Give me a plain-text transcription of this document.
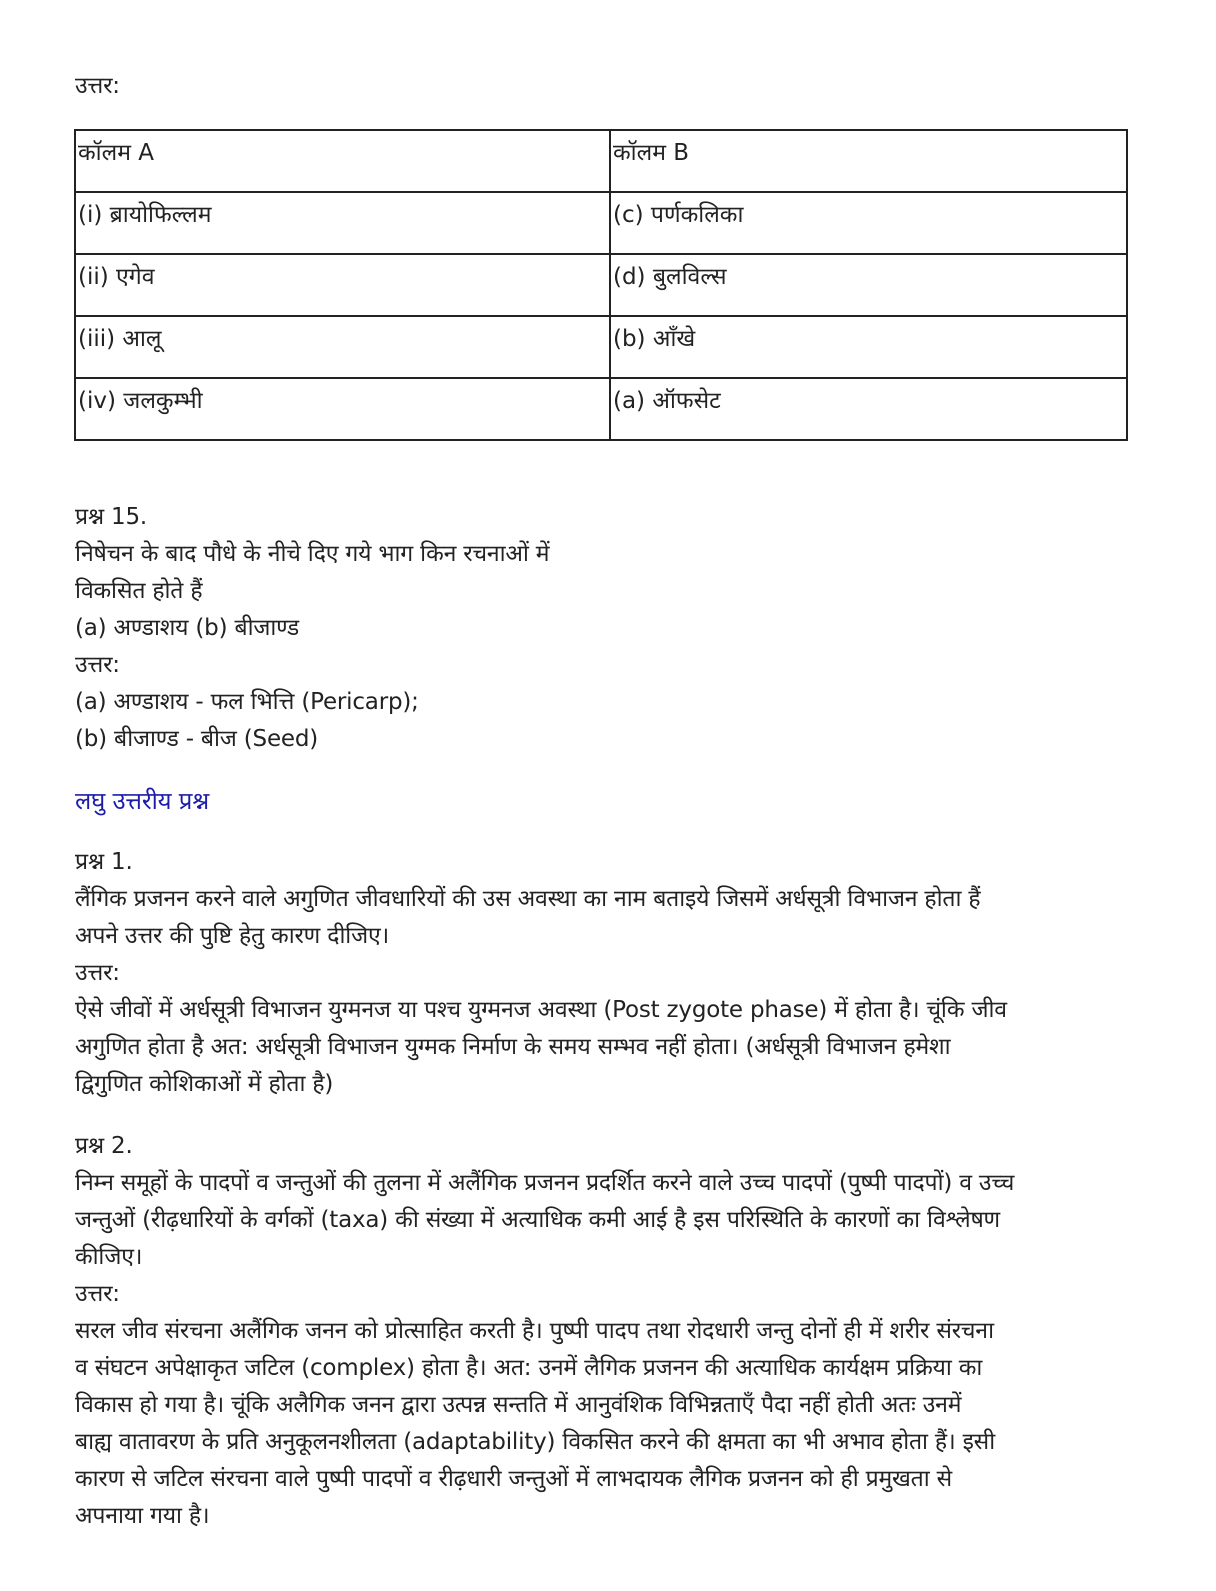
उत्तर:
कॉलम A	कॉलम B
(i) ब्रायोफिल्लम	(c) पर्णकलिका
(ii) एगेव	(d) बुलविल्स
(iii) आलू	(b) आँखे
(iv) जलकुम्भी	(a) ऑफसेट
प्रश्न 15.
निषेचन के बाद पौधे के नीचे दिए गये भाग किन रचनाओं में
विकसित होते हैं
(a) अण्डाशय (b) बीजाण्ड
उत्तर:
(a) अण्डाशय - फल भित्ति (Pericarp);
(b) बीजाण्ड - बीज (Seed)
लघु उत्तरीय प्रश्न
प्रश्न 1.
लैंगिक प्रजनन करने वाले अगुणित जीवधारियों की उस अवस्था का नाम बताइये जिसमें अर्धसूत्री विभाजन होता हैं
अपने उत्तर की पुष्टि हेतु कारण दीजिए।
उत्तर:
ऐसे जीवों में अर्धसूत्री विभाजन युग्मनज या पश्च युग्मनज अवस्था (Post zygote phase) में होता है। चूंकि जीव
अगुणित होता है अत: अर्धसूत्री विभाजन युग्मक निर्माण के समय सम्भव नहीं होता। (अर्धसूत्री विभाजन हमेशा
द्विगुणित कोशिकाओं में होता है)
प्रश्न 2.
निम्न समूहों के पादपों व जन्तुओं की तुलना में अलैंगिक प्रजनन प्रदर्शित करने वाले उच्च पादपों (पुष्पी पादपों) व उच्च
जन्तुओं (रीढ़धारियों के वर्गकों (taxa) की संख्या में अत्याधिक कमी आई है इस परिस्थिति के कारणों का विश्लेषण
कीजिए।
उत्तर:
सरल जीव संरचना अलैंगिक जनन को प्रोत्साहित करती है। पुष्पी पादप तथा रोदधारी जन्तु दोनों ही में शरीर संरचना
व संघटन अपेक्षाकृत जटिल (complex) होता है। अत: उनमें लैगिक प्रजनन की अत्याधिक कार्यक्षम प्रक्रिया का
विकास हो गया है। चूंकि अलैगिक जनन द्वारा उत्पन्न सन्तति में आनुवंशिक विभिन्नताएँ पैदा नहीं होती अतः उनमें
बाह्य वातावरण के प्रति अनुकूलनशीलता (adaptability) विकसित करने की क्षमता का भी अभाव होता हैं। इसी
कारण से जटिल संरचना वाले पुष्पी पादपों व रीढ़धारी जन्तुओं में लाभदायक लैगिक प्रजनन को ही प्रमुखता से
अपनाया गया है।
